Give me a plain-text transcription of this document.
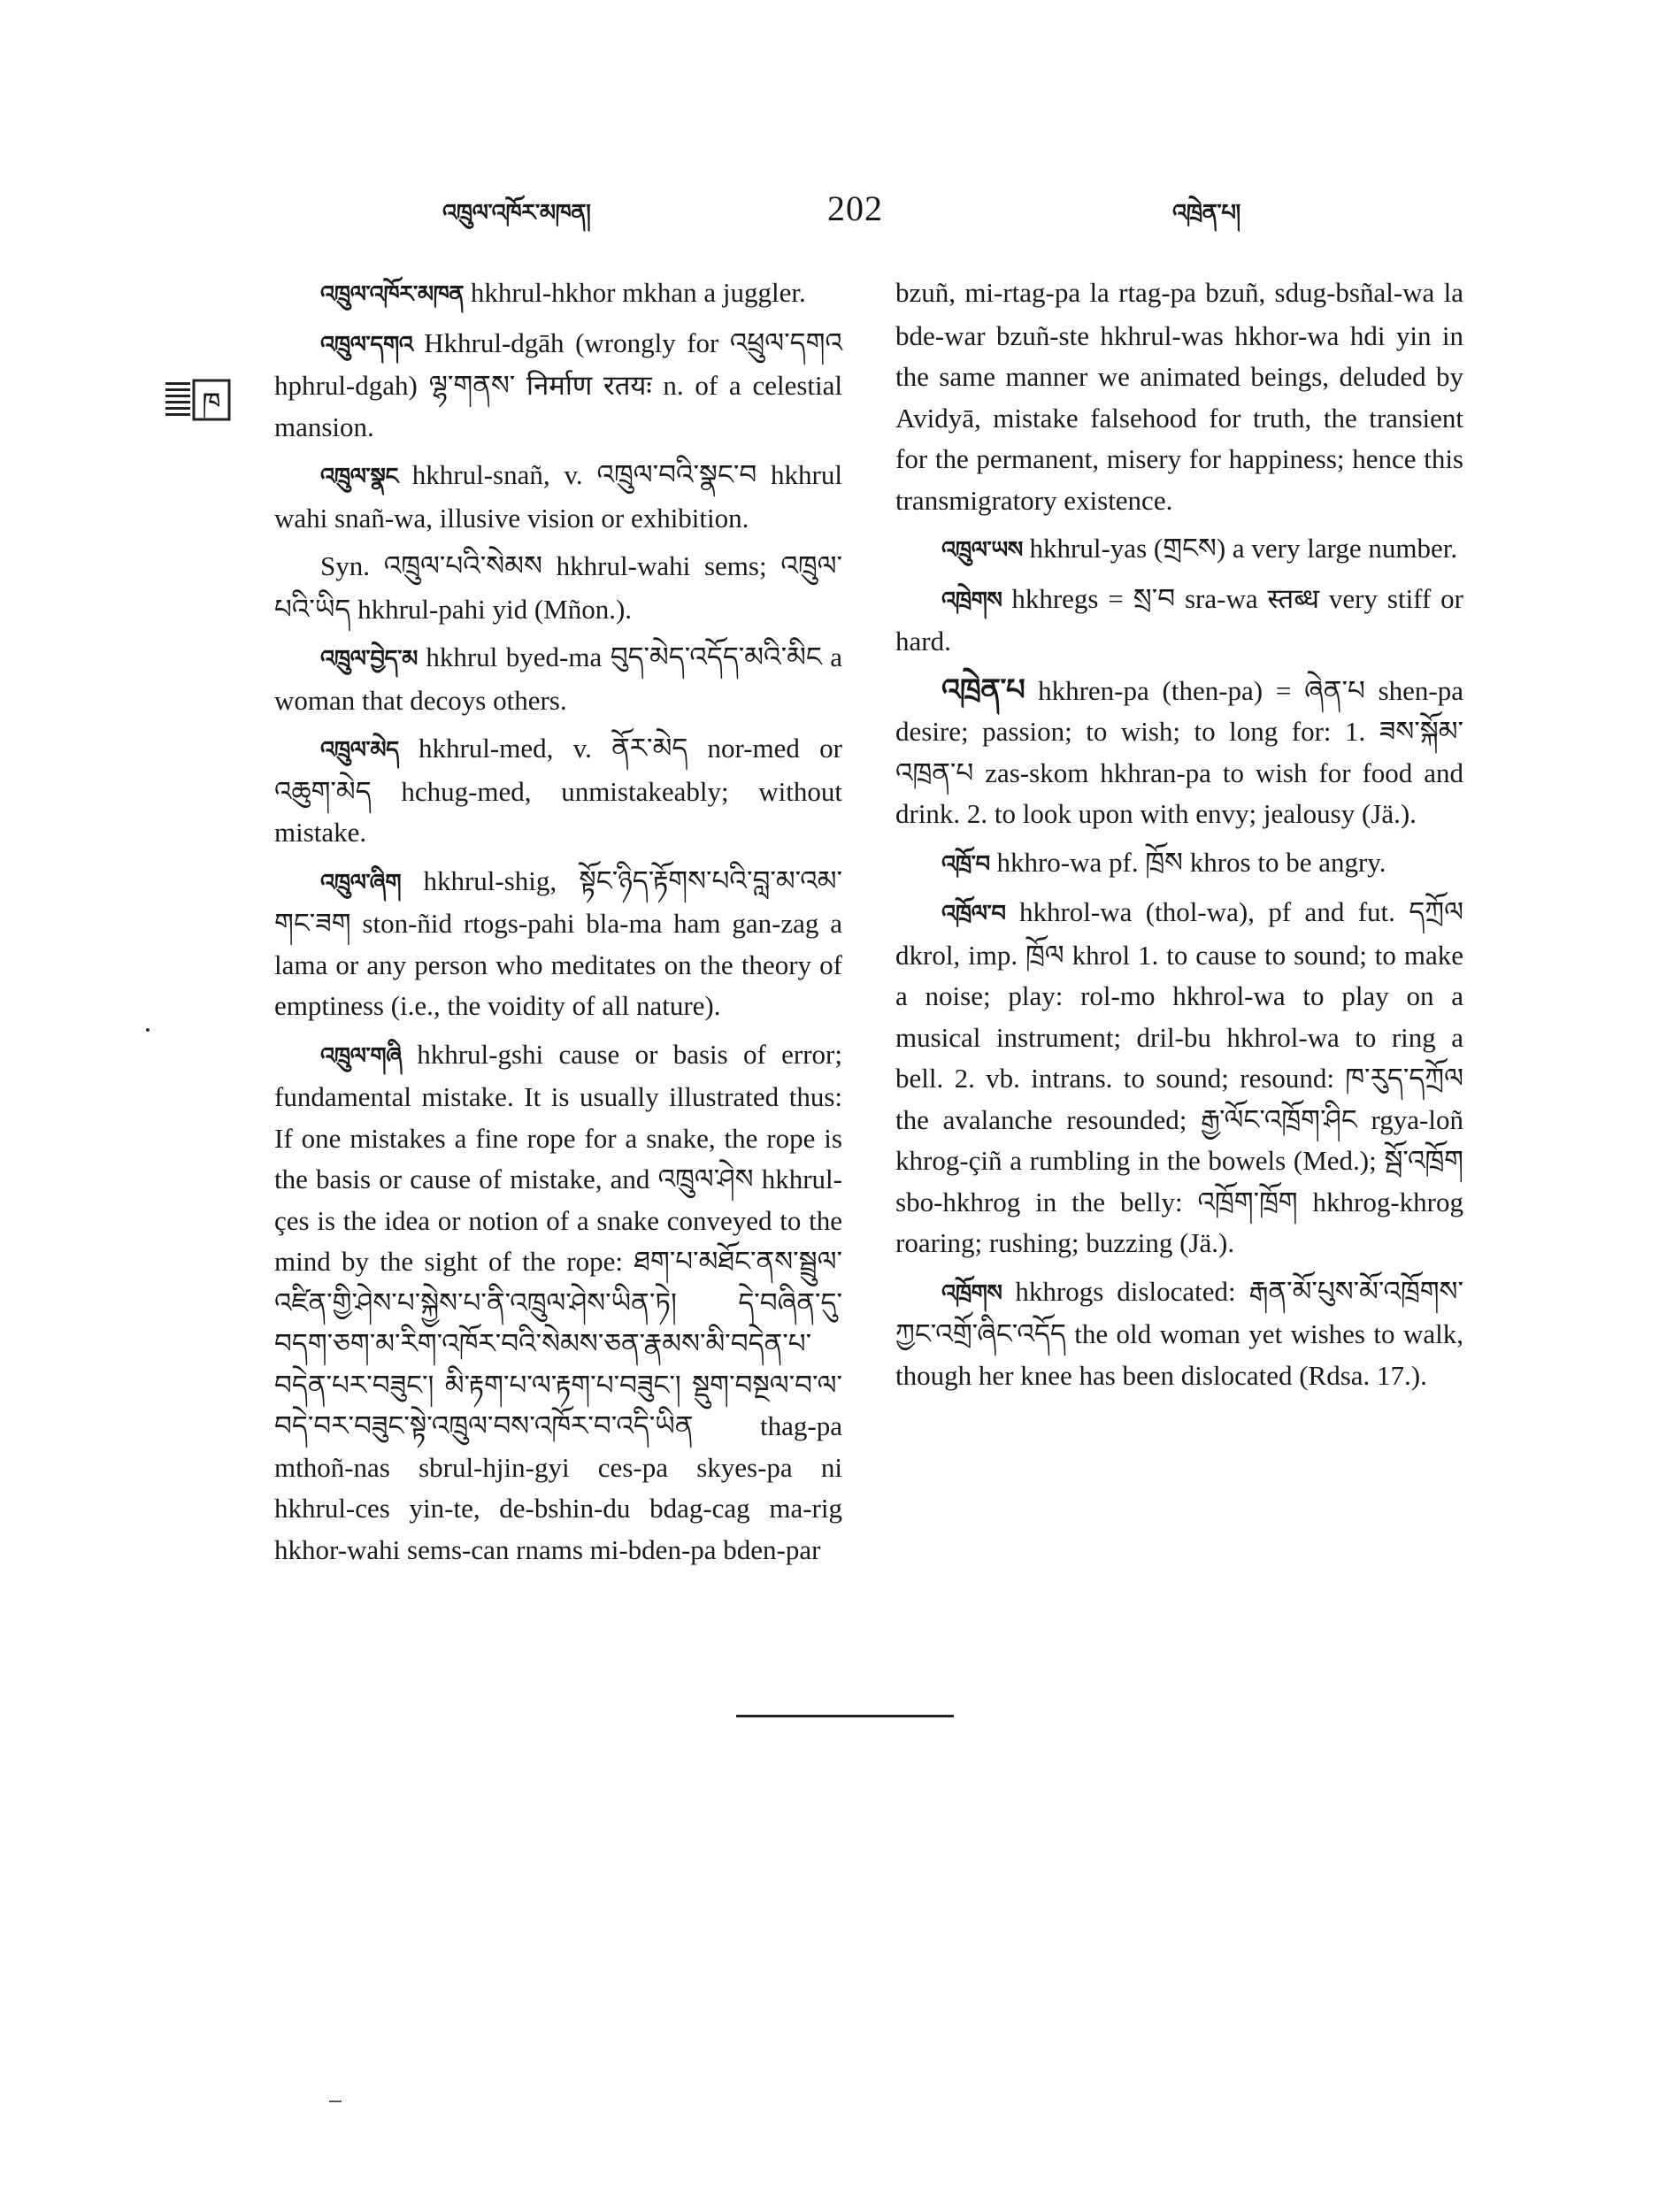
འཁྲུལ་འཁོར་མཁན།	202	འཁྲེན་པ།
ཁ

འཁྲུལ་འཁོར་མཁན hkhrul-hkhor mkhan a juggler.

འཁྲུལ་དགའ Hkhrul-dgāh (wrongly for འཕྲུལ་དགའ hphrul-dgah) ལྷ་གནས་ निर्माण रतयः n. of a celestial mansion.

འཁྲུལ་སྣང hkhrul-snañ, v. འཁྲུལ་བའི་སྣང་བ hkhrul wahi snañ-wa, illusive vision or exhibition.

Syn. འཁྲུལ་པའི་སེམས hkhrul-wahi sems; འཁྲུལ་པའི་ཡིད hkhrul-pahi yid (Mñon.).

འཁྲུལ་བྱེད་མ hkhrul byed-ma བུད་མེད་འདོད་མའི་མིང a woman that decoys others.

འཁྲུལ་མེད hkhrul-med, v. ནོར་མེད nor-med or འཆུག་མེད hchug-med, unmistakeably; without mistake.

འཁྲུལ་ཞིག hkhrul-shig, སྟོང་ཉིད་རྟོགས་པའི་བླ་མ་འམ་གང་ཟག ston-ñid rtogs-pahi bla-ma ham gan-zag a lama or any person who meditates on the theory of emptiness (i.e., the voidity of all nature).

འཁྲུལ་གཞི hkhrul-gshi cause or basis of error; fundamental mistake. It is usually illustrated thus: If one mistakes a fine rope for a snake, the rope is the basis or cause of mistake, and འཁྲུལ་ཤེས hkhrul-çes is the idea or notion of a snake conveyed to the mind by the sight of the rope: ཐག་པ་མཐོང་ནས་སྦྲུལ་འཛིན་གྱི་ཤེས་པ་སྐྱེས་པ་ནི་འཁྲུལ་ཤེས་ཡིན་ཏེ། དེ་བཞིན་དུ་བདག་ཅག་མ་རིག་འཁོར་བའི་སེམས་ཅན་རྣམས་མི་བདེན་པ་བདེན་པར་བཟུང་། མི་རྟག་པ་ལ་རྟག་པ་བཟུང་། སྡུག་བསྔལ་བ་ལ་བདེ་བར་བཟུང་སྟེ་འཁྲུལ་བས་འཁོར་བ་འདི་ཡིན thag-pa mthoñ-nas sbrul-hjin-gyi ces-pa skyes-pa ni hkhrul-ces yin-te, de-bshin-du bdag-cag ma-rig hkhor-wahi sems-can rnams mi-bden-pa bden-par

bzuñ, mi-rtag-pa la rtag-pa bzuñ, sdug-bsñal-wa la bde-war bzuñ-ste hkhrul-was hkhor-wa hdi yin in the same manner we animated beings, deluded by Avidyā, mistake falsehood for truth, the transient for the permanent, misery for happiness; hence this transmigratory existence.

འཁྲུལ་ཡས hkhrul-yas (གྲངས) a very large number.

འཁྲེགས hkhregs = སྲ་བ sra-wa स्तब्ध very stiff or hard.

འཁྲེན་པ hkhren-pa (then-pa) = ཞེན་པ shen-pa desire; passion; to wish; to long for: 1. ཟས་སྐོམ་འཁྲན་པ zas-skom hkhran-pa to wish for food and drink. 2. to look upon with envy; jealousy (Jä.).

འཁྲོ་བ hkhro-wa pf. ཁྲོས khros to be angry.

འཁྲོལ་བ hkhrol-wa (thol-wa), pf and fut. དཀྲོལ dkrol, imp. ཁྲོལ khrol 1. to cause to sound; to make a noise; play: rol-mo hkhrol-wa to play on a musical instrument; dril-bu hkhrol-wa to ring a bell. 2. vb. intrans. to sound; resound: ཁ་རུད་དཀྲོལ the avalanche resounded; རྒྱ་ལོང་འཁྲོག་ཤིང rgya-loñ khrog-çiñ a rumbling in the bowels (Med.); སྦོ་འཁྲོག sbo-hkhrog in the belly: འཁྲོག་ཁྲོག hkhrog-khrog roaring; rushing; buzzing (Jä.).

འཁྲོགས hkhrogs dislocated: རྒན་མོ་པུས་མོ་འཁྲོགས་ཀྱང་འགྲོ་ཞིང་འདོད the old woman yet wishes to walk, though her knee has been dislocated (Rdsa. 17.).
